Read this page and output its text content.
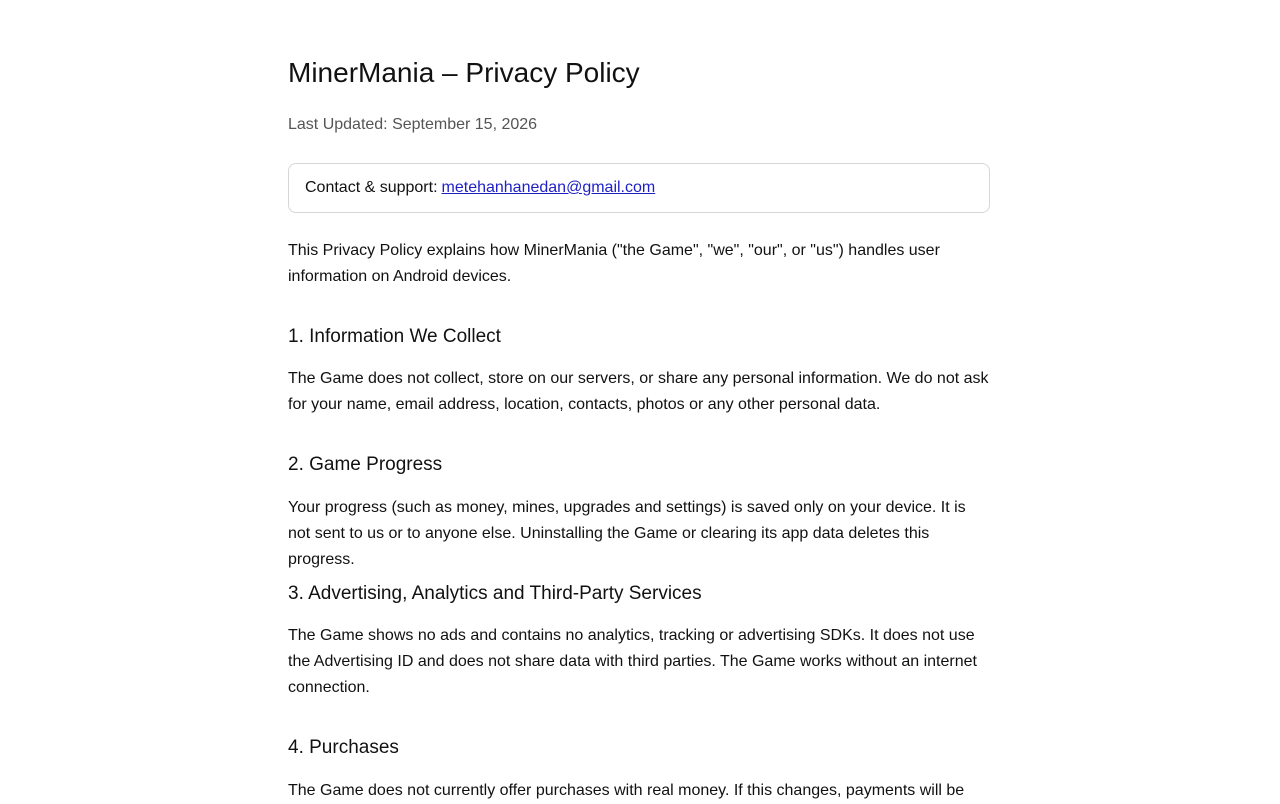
MinerMania – Privacy Policy

Last Updated: September 15, 2026

Contact & support: metehanhanedan@gmail.com

This Privacy Policy explains how MinerMania ("the Game", "we", "our", or "us") handles user information on Android devices.

1. Information We Collect

The Game does not collect, store on our servers, or share any personal information. We do not ask for your name, email address, location, contacts, photos or any other personal data.

2. Game Progress

Your progress (such as money, mines, upgrades and settings) is saved only on your device. It is not sent to us or to anyone else. Uninstalling the Game or clearing its app data deletes this progress.

3. Advertising, Analytics and Third-Party Services

The Game shows no ads and contains no analytics, tracking or advertising SDKs. It does not use the Advertising ID and does not share data with third parties. The Game works without an internet connection.

4. Purchases

The Game does not currently offer purchases with real money. If this changes, payments will be
